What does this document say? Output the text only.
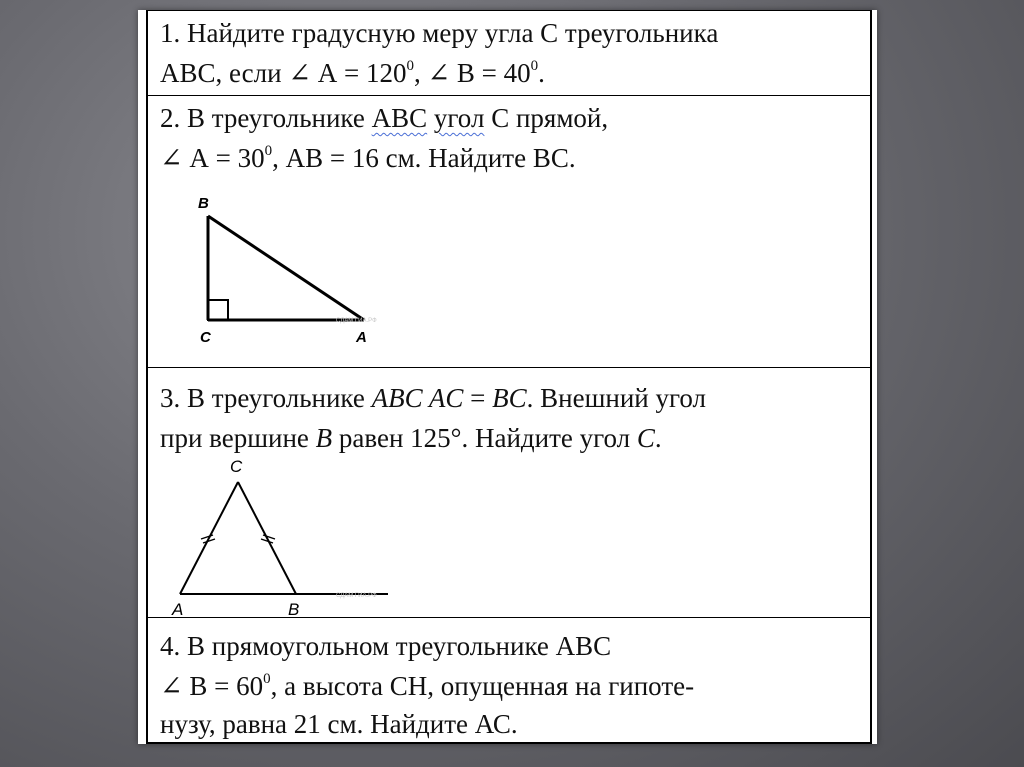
1. Найдите градусную меру угла С треугольника
АВС, если ∠ $А = 120^0$, ∠ $В = 40^0$.
2. В треугольнике АВС угол С прямой,
∠ $А = 30^0$, АВ = 16 см. Найдите ВС.
B
C	A
СДАМ ГИА.РФ
3. В треугольнике ABC AC = BC. Внешний угол
при вершине B равен 125°. Найдите угол C.
C
A	B
СДАМ ГИА.РФ
4. В прямоугольном треугольнике АВС
∠ $В = 60^0$, а высота СН, опущенная на гипоте-
нузу, равна 21 см. Найдите АС.
